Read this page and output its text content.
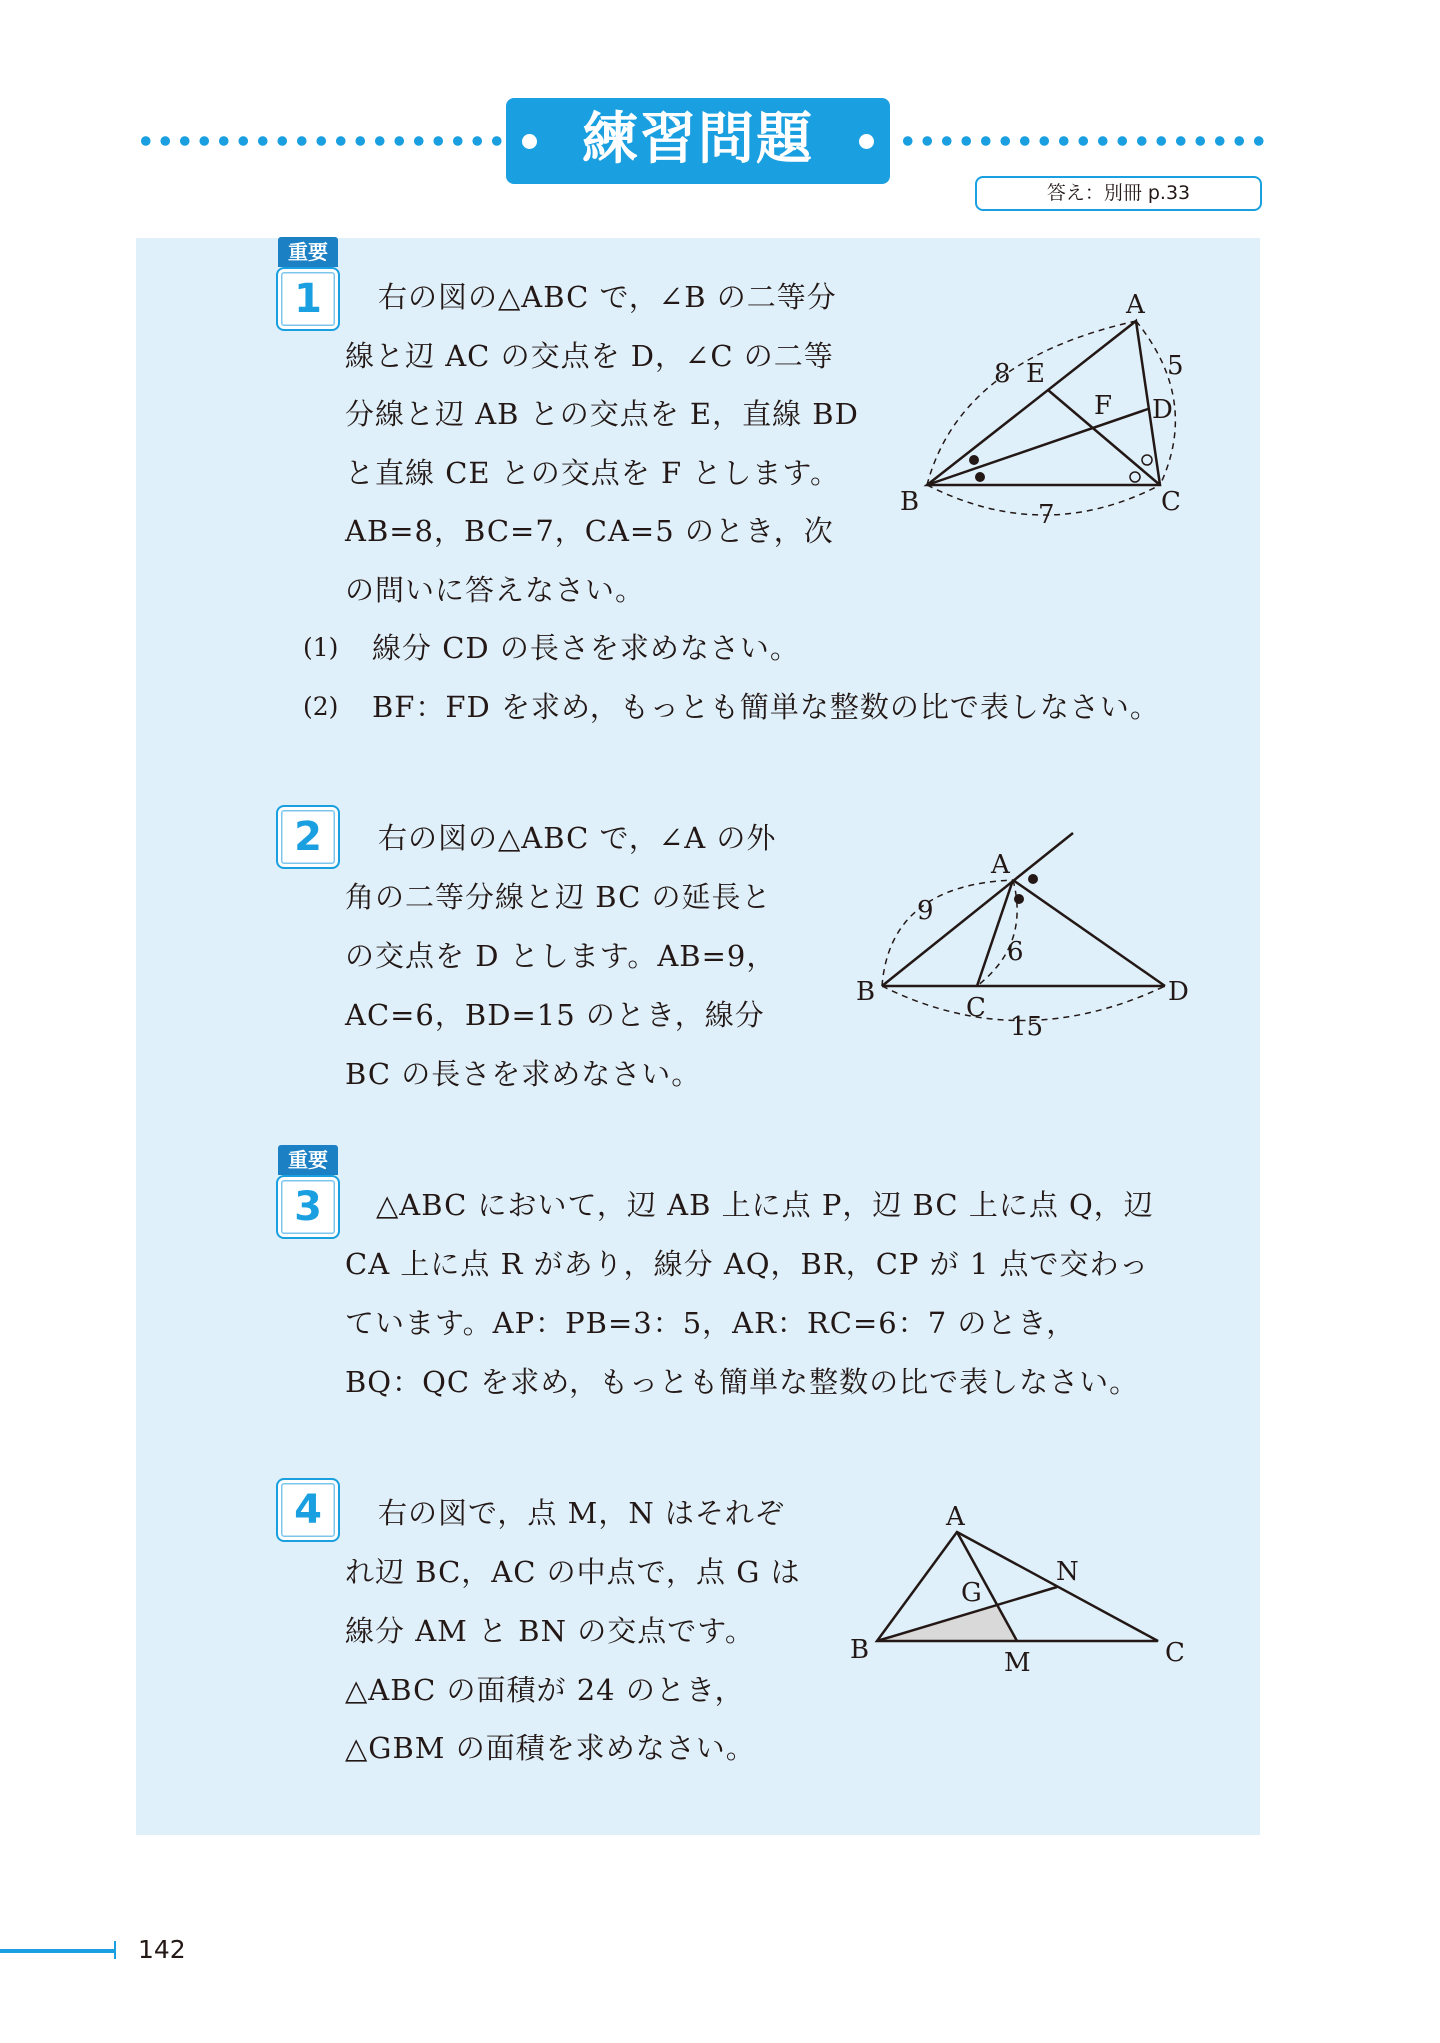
練習問題
答え：別冊 p.33
重要
1	右の図の△ABC で，∠B の二等分
線と辺 AC の交点を D，∠C の二等
分線と辺 AB との交点を E，直線 BD
と直線 CE との交点を F とします。
AB=8，BC=7，CA=5 のとき，次
の問いに答えなさい。
(1) 線分 CD の長さを求めなさい。
(2) BF：FD を求め，もっとも簡単な整数の比で表しなさい。
A
B	C
D
E
F
8	5
7
2	右の図の△ABC で，∠A の外
角の二等分線と辺 BC の延長と
の交点を D とします。AB=9，
AC=6，BD=15 のとき，線分
BC の長さを求めなさい。
A
B
C
D
9
6
15
重要
3	△ABC において，辺 AB 上に点 P，辺 BC 上に点 Q，辺
CA 上に点 R があり，線分 AQ，BR，CP が 1 点で交わっ
ています。AP：PB=3：5，AR：RC=6：7 のとき，
BQ：QC を求め，もっとも簡単な整数の比で表しなさい。
4	右の図で，点 M，N はそれぞ
れ辺 BC，AC の中点で，点 G は
線分 AM と BN の交点です。
△ABC の面積が 24 のとき，
△GBM の面積を求めなさい。
A
B	C
M
N
G
142
